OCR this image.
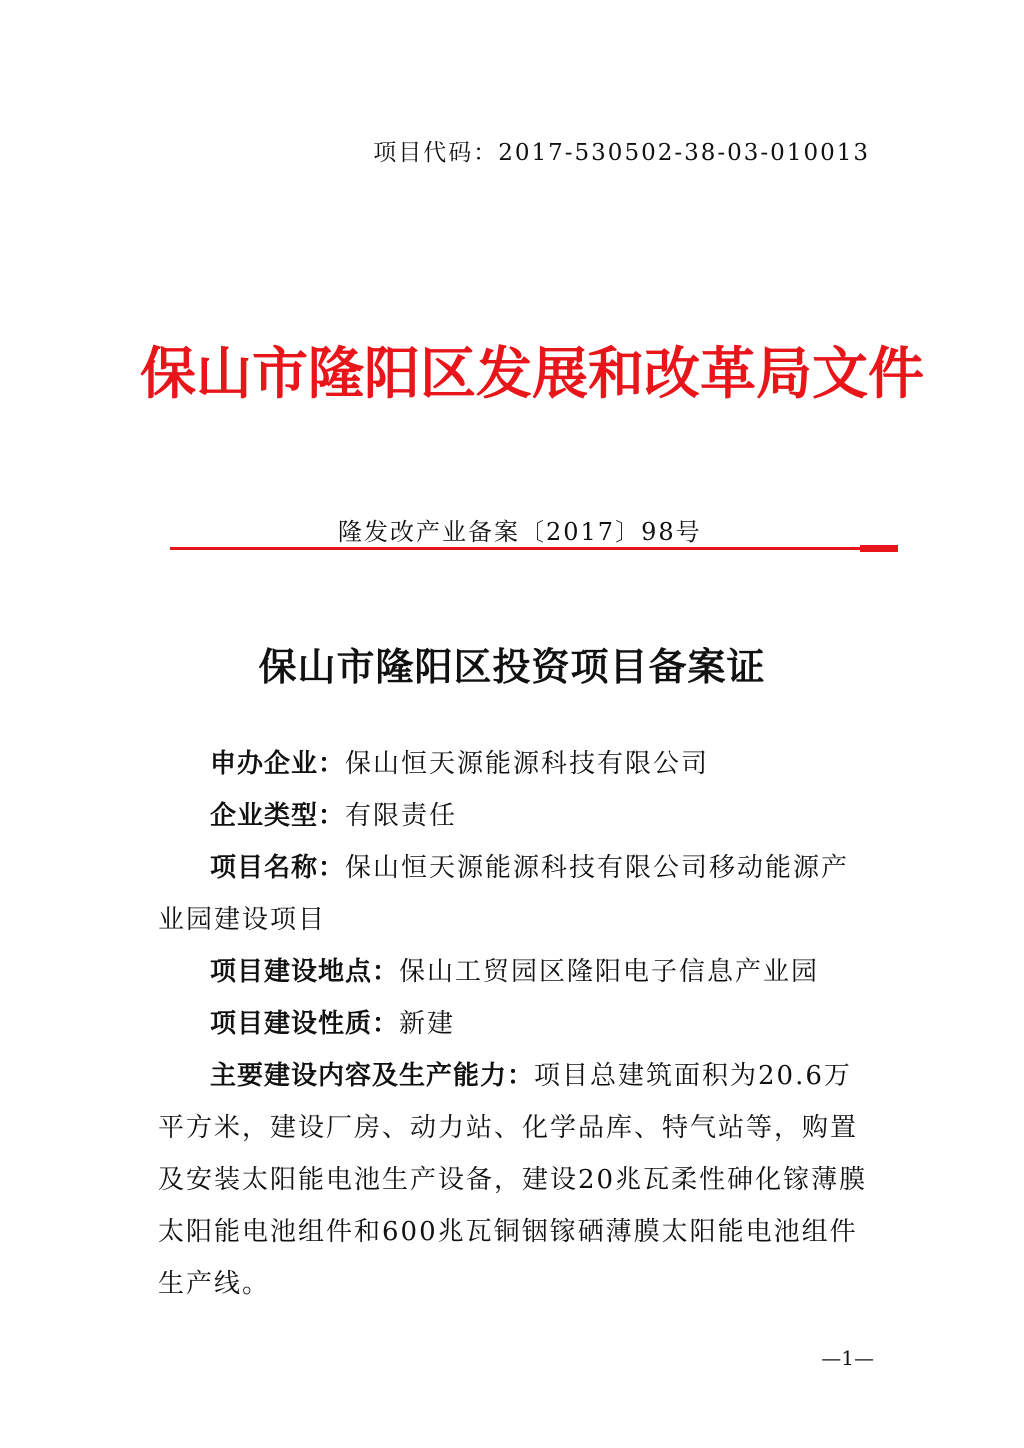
项目代码：2017-530502-38-03-010013
保山市隆阳区发展和改革局文件
隆发改产业备案〔2017〕98号
保山市隆阳区投资项目备案证

申办企业：保山恒天源能源科技有限公司

企业类型：有限责任

项目名称：保山恒天源能源科技有限公司移动能源产业园建设项目

项目建设地点：保山工贸园区隆阳电子信息产业园

项目建设性质：新建

主要建设内容及生产能力：项目总建筑面积为20.6万平方米，建设厂房、动力站、化学品库、特气站等，购置及安装太阳能电池生产设备，建设20兆瓦柔性砷化镓薄膜太阳能电池组件和600兆瓦铜铟镓硒薄膜太阳能电池组件生产线。

—1—
